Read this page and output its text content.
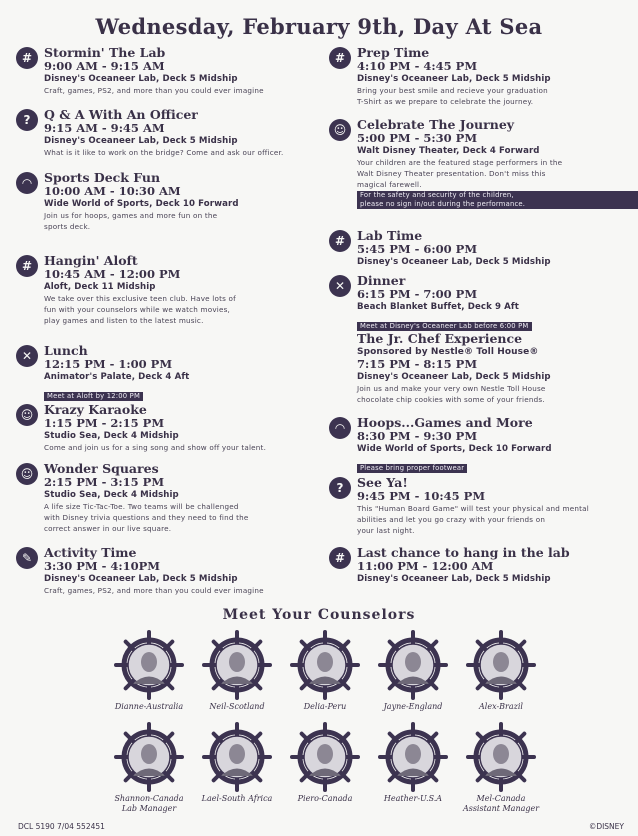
Wednesday, February 9th, Day At Sea
# Stormin' The Lab
9:00 AM - 9:15 AM
Disney's Oceaneer Lab, Deck 5 Midship
Craft, games, PS2, and more than you could ever imagine
?	Q & A With An Officer
9:15 AM - 9:45 AM
Disney's Oceaneer Lab, Deck 5 Midship
What is it like to work on the bridge? Come and ask our officer.
◠ Sports Deck Fun
10:00 AM - 10:30 AM
Wide World of Sports, Deck 10 Forward
Join us for hoops, games and more fun on the
sports deck.
# Hangin' Aloft
10:45 AM - 12:00 PM
Aloft, Deck 11 Midship
We take over this exclusive teen club. Have lots of
fun with your counselors while we watch movies,
play games and listen to the latest music.
✕ Lunch
12:15 PM - 1:00 PM
Animator's Palate, Deck 4 Aft
Meet at Aloft by 12:00 PM
☺ Krazy Karaoke
1:15 PM - 2:15 PM
Studio Sea, Deck 4 Midship
Come and join us for a sing song and show off your talent.
☺ Wonder Squares
2:15 PM - 3:15 PM
Studio Sea, Deck 4 Midship
A life size Tic-Tac-Toe. Two teams will be challenged
with Disney trivia questions and they need to find the
correct answer in our live square.
✎ Activity Time
3:30 PM - 4:10PM
Disney's Oceaneer Lab, Deck 5 Midship
Craft, games, PS2, and more than you could ever imagine
# Prep Time
4:10 PM - 4:45 PM
Disney's Oceaneer Lab, Deck 5 Midship
Bring your best smile and recieve your graduation
T-Shirt as we prepare to celebrate the journey.
☺ Celebrate The Journey
5:00 PM - 5:30 PM
Walt Disney Theater, Deck 4 Forward
Your children are the featured stage performers in the
Walt Disney Theater presentation. Don't miss this
magical farewell.
For the safety and security of the children,
please no sign in/out during the performance.
# Lab Time
5:45 PM - 6:00 PM
Disney's Oceaneer Lab, Deck 5 Midship
✕ Dinner
6:15 PM - 7:00 PM
Beach Blanket Buffet, Deck 9 Aft
Meet at Disney's Oceaneer Lab before 6:00 PM
The Jr. Chef Experience
Sponsored by Nestle® Toll House®
7:15 PM - 8:15 PM
Disney's Oceaneer Lab, Deck 5 Midship
Join us and make your very own Nestle Toll House
chocolate chip cookies with some of your friends.
◠ Hoops...Games and More
8:30 PM - 9:30 PM
Wide World of Sports, Deck 10 Forward
Please bring proper footwear
?	See Ya!
9:45 PM - 10:45 PM
This "Human Board Game" will test your physical and mental
abilities and let you go crazy with your friends on
your last night.
# Last chance to hang in the lab
11:00 PM - 12:00 AM
Disney's Oceaneer Lab, Deck 5 Midship
Meet Your Counselors
Dianne-Australia	Neil-Scotland	Delia-Peru	Jayne-England	Alex-Brazil
Shannon-Canada
Lab Manager
Lael-South Africa	Piero-Canada	Heather-U.S.A	Mel-Canada
Assistant Manager
DCL 5190 7/04 552451	©DISNEY
